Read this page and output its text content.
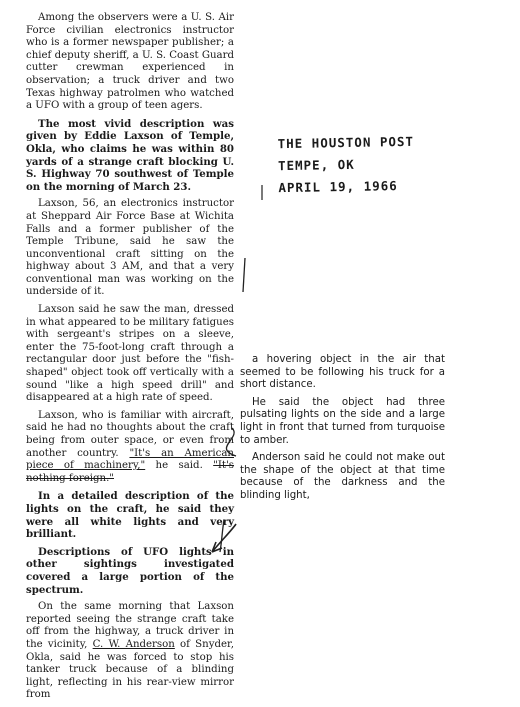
Among the observers were a U. S. Air Force civilian electronics instructor who is a former newspaper publisher; a chief deputy sheriff, a U. S. Coast Guard cutter crewman experienced in observation; a truck driver and two Texas highway patrolmen who watched a UFO with a group of teen agers.

The most vivid description was given by Eddie Laxson of Temple, Okla, who claims he was within 80 yards of a strange craft blocking U. S. Highway 70 southwest of Temple on the morning of March 23.

Laxson, 56, an electronics instructor at Sheppard Air Force Base at Wichita Falls and a former publisher of the Temple Tribune, said he saw the unconventional craft sitting on the highway about 3 AM, and that a very conventional man was working on the underside of it.

Laxson said he saw the man, dressed in what appeared to be military fatigues with sergeant's stripes on a sleeve, enter the 75-foot-long craft through a rectangular door just before the "fish-shaped" object took off vertically with a sound "like a high speed drill" and disappeared at a high rate of speed.

Laxson, who is familiar with aircraft, said he had no thoughts about the craft being from outer space, or even from another country. "It's an American piece of machinery," he said. "It's nothing foreign."

In a detailed description of the lights on the craft, he said they were all white lights and very brilliant.

Descriptions of UFO lights in other sightings investigated covered a large portion of the spectrum.

On the same morning that Laxson reported seeing the strange craft take off from the highway, a truck driver in the vicinity, C. W. Anderson of Snyder, Okla, said he was forced to stop his tanker truck because of a blinding light, reflecting in his rear-view mirror from

a hovering object in the air that seemed to be following his truck for a short distance.

He said the object had three pulsating lights on the side and a large light in front that turned from turquoise to amber.

Anderson said he could not make out the shape of the object at that time because of the darkness and the blinding light,

THE HOUSTON POST
TEMPE, OK
APRIL 19, 1966
